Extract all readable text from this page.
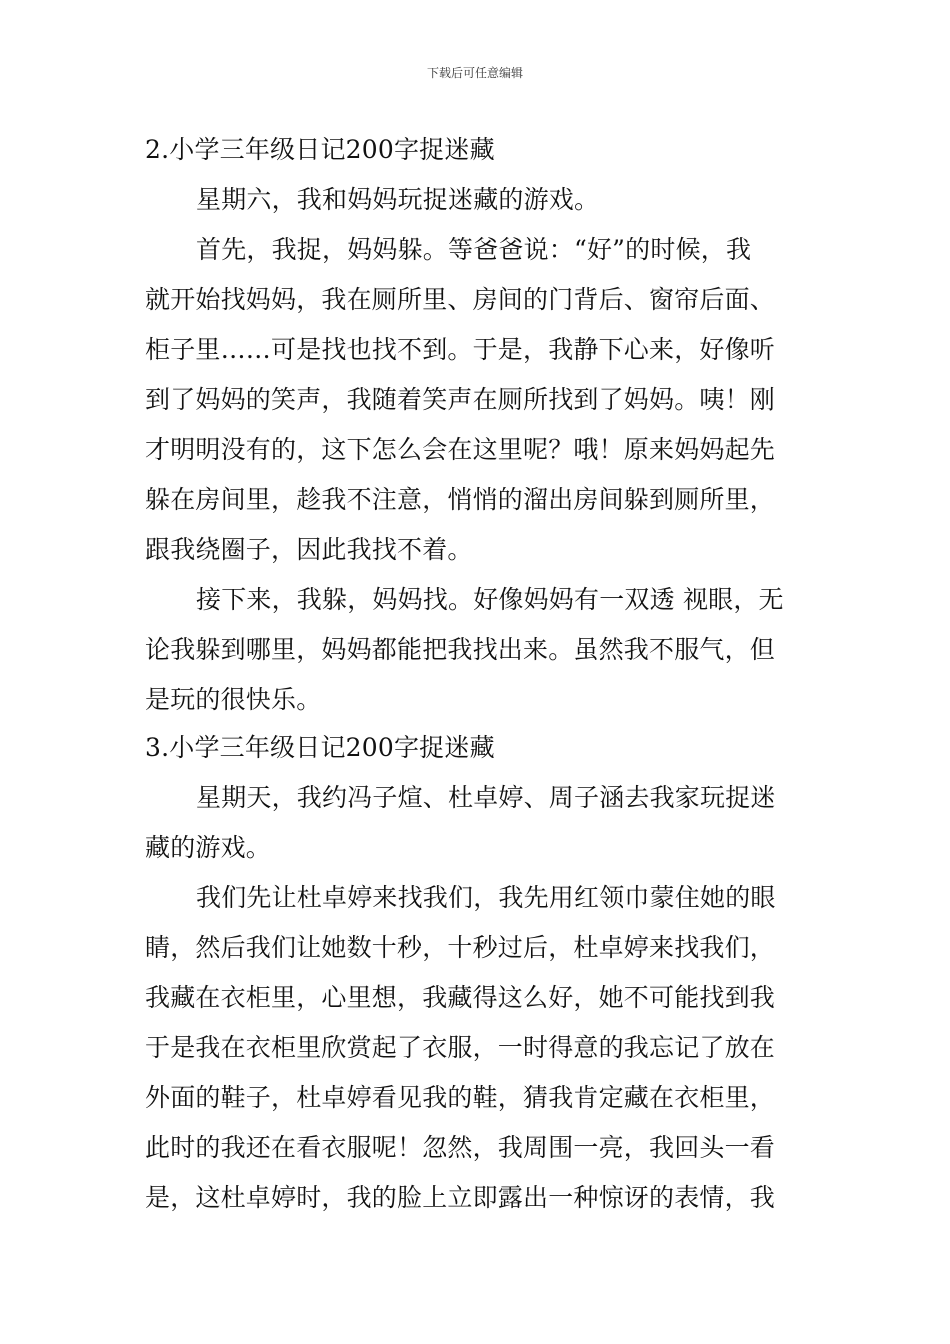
下载后可任意编辑
2.小学三年级日记200字捉迷藏
星期六，我和妈妈玩捉迷藏的游戏。
首先，我捉，妈妈躲。等爸爸说：“好”的时候，我
就开始找妈妈，我在厕所里、房间的门背后、窗帘后面、
柜子里……可是找也找不到。于是，我静下心来，好像听
到了妈妈的笑声，我随着笑声在厕所找到了妈妈。咦！刚
才明明没有的，这下怎么会在这里呢？哦！原来妈妈起先
躲在房间里，趁我不注意，悄悄的溜出房间躲到厕所里，
跟我绕圈子，因此我找不着。
接下来，我躲，妈妈找。好像妈妈有一双透 视眼，无
论我躲到哪里，妈妈都能把我找出来。虽然我不服气，但
是玩的很快乐。
3.小学三年级日记200字捉迷藏
星期天，我约冯子煊、杜卓婷、周子涵去我家玩捉迷
藏的游戏。
我们先让杜卓婷来找我们，我先用红领巾蒙住她的眼
睛，然后我们让她数十秒，十秒过后，杜卓婷来找我们，
我藏在衣柜里，心里想，我藏得这么好，她不可能找到我
于是我在衣柜里欣赏起了衣服，一时得意的我忘记了放在
外面的鞋子，杜卓婷看见我的鞋，猜我肯定藏在衣柜里，
此时的我还在看衣服呢！忽然，我周围一亮，我回头一看
是，这杜卓婷时，我的脸上立即露出一种惊讶的表情，我
